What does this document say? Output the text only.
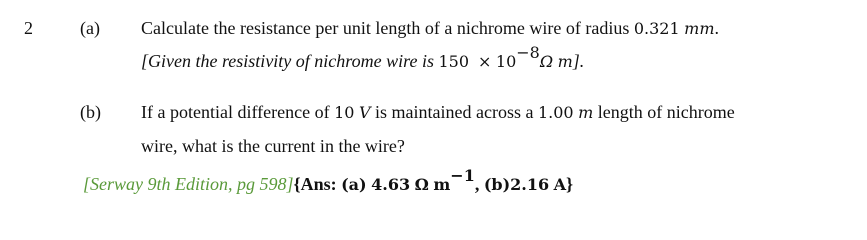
2	(a) Calculate the resistance per unit length of a nichrome wire of radius 0.321 mm.
[Given the resistivity of nichrome wire is $150 \times 10^{-8}\Omega$ m].
(b) If a potential difference of 10 V is maintained across a 1.00 m length of nichrome
wire, what is the current in the wire?
[Serway 9th Edition, pg 598]{Ans: (a) 4.63 Ω $m^{-1}$, (b)2.16 A}
